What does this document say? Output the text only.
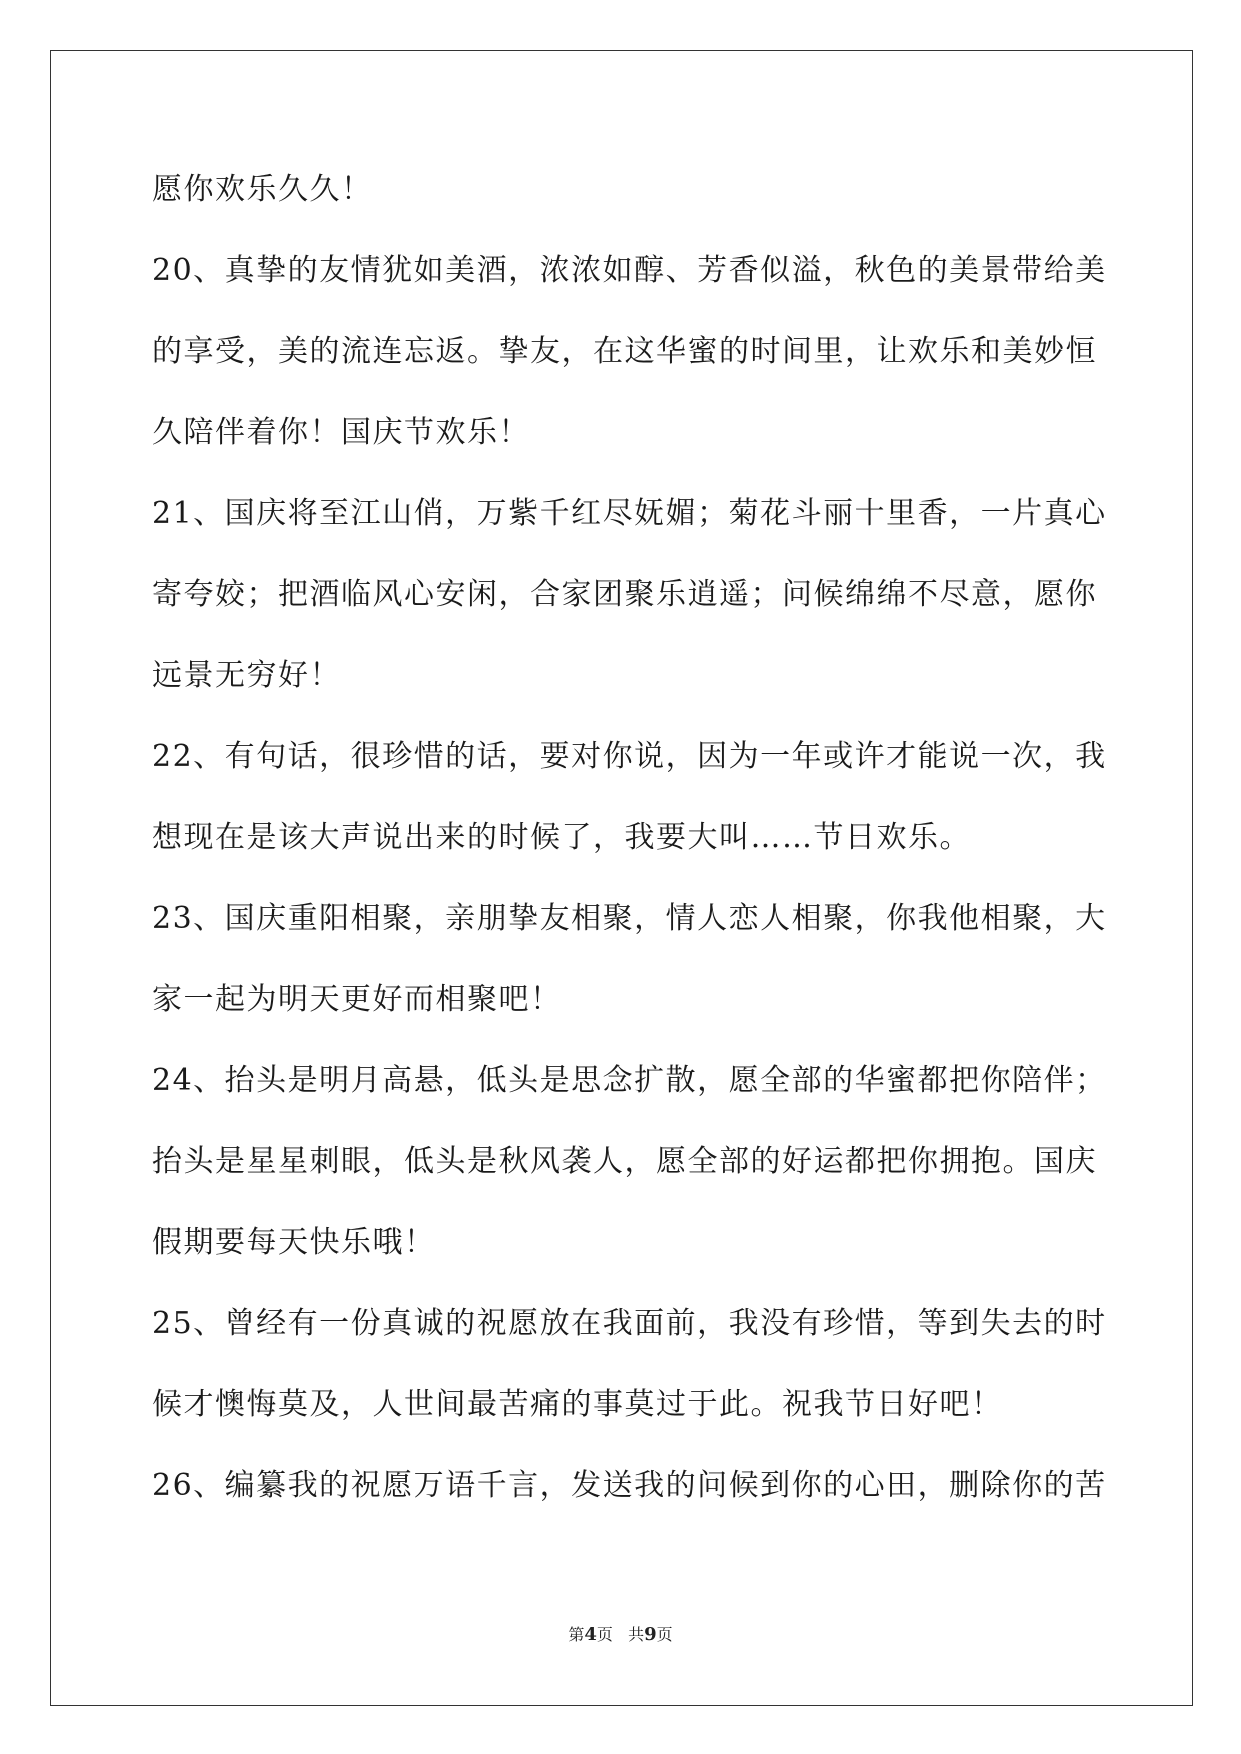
愿你欢乐久久！
20、真挚的友情犹如美酒，浓浓如醇、芳香似溢，秋色的美景带给美
的享受，美的流连忘返。挚友，在这华蜜的时间里，让欢乐和美妙恒
久陪伴着你！国庆节欢乐！
21、国庆将至江山俏，万紫千红尽妩媚；菊花斗丽十里香，一片真心
寄夸姣；把酒临风心安闲，合家团聚乐逍遥；问候绵绵不尽意，愿你
远景无穷好！
22、有句话，很珍惜的话，要对你说，因为一年或许才能说一次，我
想现在是该大声说出来的时候了，我要大叫……节日欢乐。
23、国庆重阳相聚，亲朋挚友相聚，情人恋人相聚，你我他相聚，大
家一起为明天更好而相聚吧！
24、抬头是明月高悬，低头是思念扩散，愿全部的华蜜都把你陪伴；
抬头是星星刺眼，低头是秋风袭人，愿全部的好运都把你拥抱。国庆
假期要每天快乐哦！
25、曾经有一份真诚的祝愿放在我面前，我没有珍惜，等到失去的时
候才懊悔莫及，人世间最苦痛的事莫过于此。祝我节日好吧！
26、编纂我的祝愿万语千言，发送我的问候到你的心田，删除你的苦
第4页   共9页
